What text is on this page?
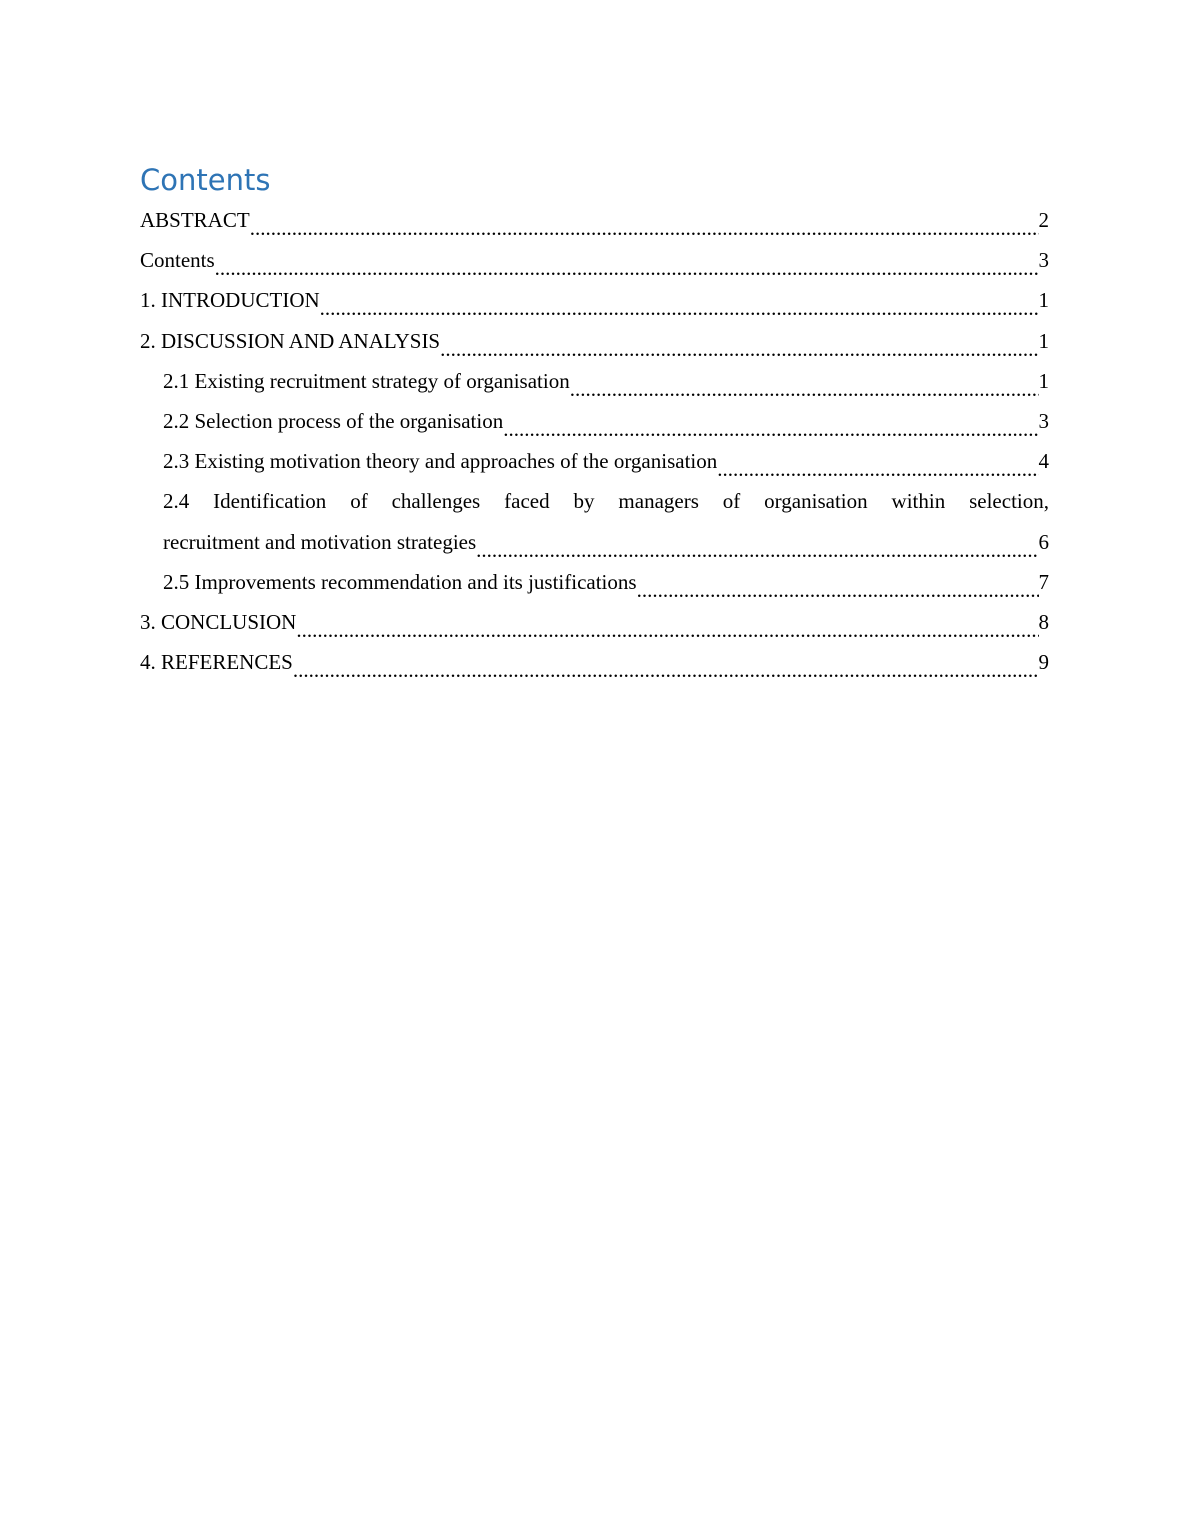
Contents
ABSTRACT .....	2
Contents .....	3
1. INTRODUCTION .....	1
2. DISCUSSION AND ANALYSIS .....	1
2.1 Existing recruitment strategy of organisation .....	1
2.2 Selection process of the organisation .....	3
2.3 Existing motivation theory and approaches of the organisation .....	4
2.4 Identification of challenges faced by managers of organisation within selection,
recruitment and motivation strategies .....	6
2.5 Improvements recommendation and its justifications .....	7
3. CONCLUSION .....	8
4. REFERENCES .....	9
